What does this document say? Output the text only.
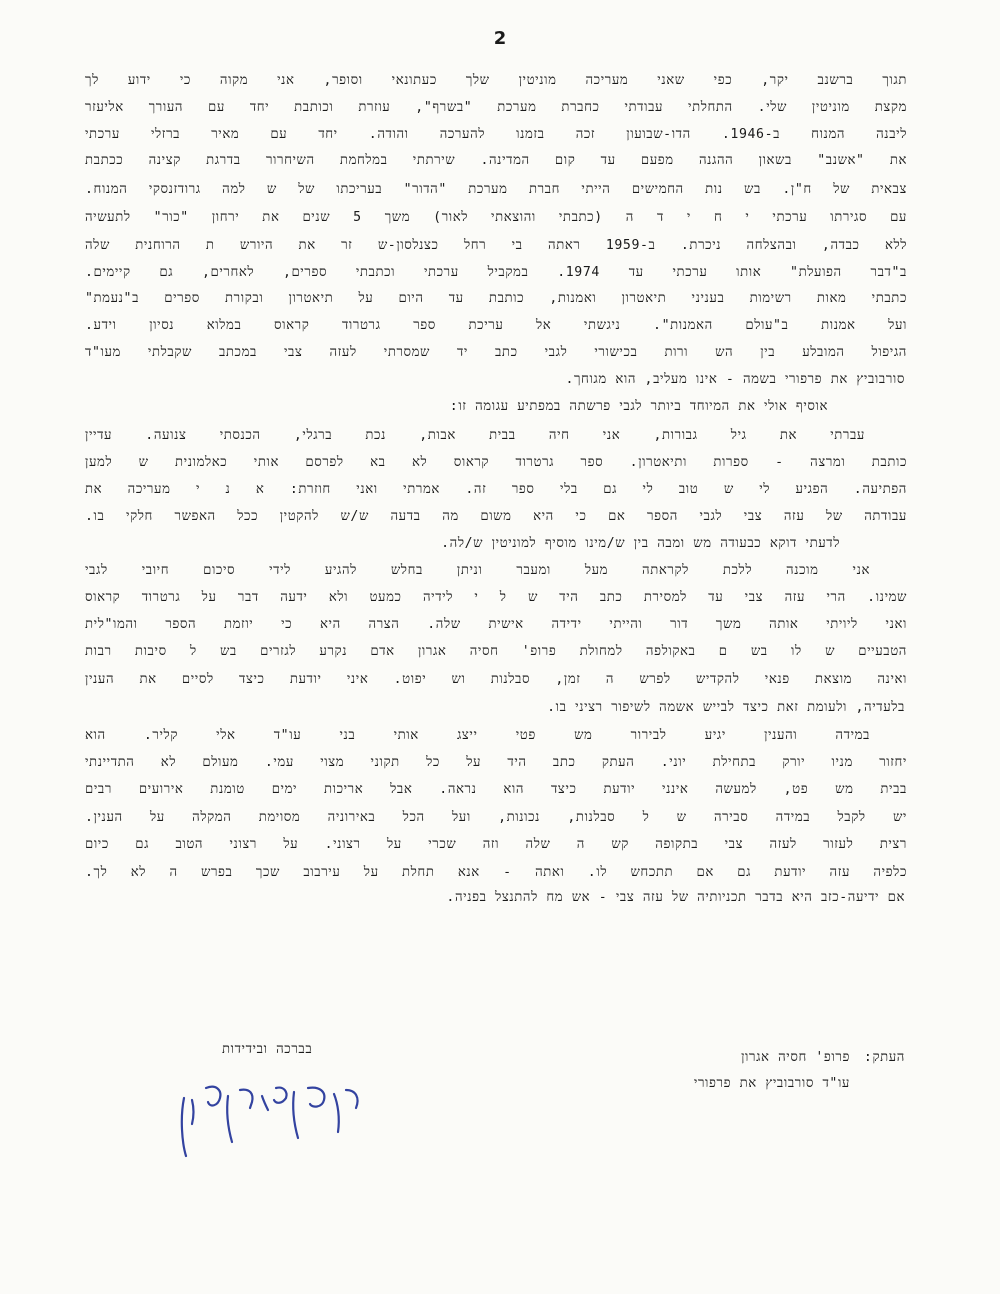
2
תגוך ברשנב יקר, כפי שאני מעריכה מוניטין שלך כעתונאי וסופר, אני מקוה כי ידוע לך
מקצת מוניטין שלי. התחלתי עבודתי כחברת מערכת "בשרף", עוזרת וכותבת יחד עם העורך אליעזר
ליבנה המנוח ב-1946. הדו-שבועון זכה בזמנו להערכה והודה. יחד עם מאיר ברזלי ערכתי
את "אשנב" בשאון ההגנה מפעם עד קום המדינה. שירתתי במלחמת השיחרור בדרגת קצינה ככתבת
צבאית של ח"ן. בש נות החמישים הייתי חברת מערכת "הדור" בעריכתו של ש למה גרודזנסקי המנוח.
עם סגירתו ערכתי י ח י ד ה (כתבתי והוצאתי לאור) משך 5 שנים את ירחון "כור" לתעשיה
ללא כבדה, ובהצלחה ניכרת. ב-1959 ראתה בי רחל כצנלסון-ש זר את היורש ת הרוחנית שלה
ב"דבר הפועלת" אותו ערכתי עד 1974. במקביל ערכתי וכתבתי ספרים, לאחרים, גם קיימים.
כתבתי מאות רשימות בעניני תיאטרון ואמנות, כותבת עד היום על תיאטרון ובקורת ספרים ב"נעמת"
ועל אמנות ב"עולם האמנות". ניגשתי אל עריכת ספר גרטרוד קראוס במלוא נסיון וידע.
הגיפול המובלע בין הש ורות בכישורי לגבי כתב יד שמסרתי לעזה צבי במכתב שקבלתי מעו"ד
סורבוביץ את פרפורי בשמה - אינו מעליב, הוא מגוחך.
אוסיף אולי את המיוחד ביותר לגבי פרשתה במפתיע עגומה זו:
עברתי את גיל גבורות, אני חיה בבית אבות, נכת ברגלי, הכנסתי צנועה. עדיין
כותבת ומרצה - ספרות ותיאטרון. ספר גרטרוד קראוס לא בא לפרסם אותי כאלמונית ש למען
הפתיעה. הפגיע לי ש טוב לי גם בלי ספר זה. אמרתי ואני חוזרת: א נ י מעריכה את
עבודתה של עזה צבי לגבי הספר אם כי היא משום מה בדעה ש/ש להקטין ככל האפשר חלקי בו.
לדעתי דוקא כבעודה מש ומבה בין ש/מינו מוסיף למוניטין ש/לה.
אני מוכנה ללכת לקראתה מעל ומעבר וניתן בחלש להגיע לידי סיכום חיובי לגבי
שמינו. הרי עזה צבי עד למסירת כתב היד ש ל י לידיה כמעט ולא ידעה דבר על גרטרוד קראוס
ואני ליויתי אותה משך דור והייתי ידידה אישית שלה. הצרה היא כי יוזמת הספר והמו"לית
הטבעיים ש לו בש ם באקולפה למחולת פרופ' חסיה אגרון אדם נקרע לגזרים בש ל סיבות רבות
ואינה מוצאת פנאי להקדיש לפרש ה זמן, סבלנות וש יפוט. איני יודעת כיצד לסיים את הענין
בלעדיה, ולעומת זאת כיצד לבייש אשמה לשיפור רציני בו.
במידה והענין יגיע לבירור מש פטי ייצג אותי בני עו"ד אלי קליר. הוא
יחזור מניו יורק בתחילת יוני. העתק כתב היד על כל תקוני מצוי עמי. מעולם לא התדיינתי
בבית מש פט, למעשה אינני יודעת כיצד הוא נראה. אבל אריכות ימים טומנת אירועים רבים
יש לקבל במידה סבירה ש ל סבלנות, נכונות, ועל הכל באירוניה מסוימת המקלה על הענין.
רצית לעזור לעזה צבי בתקופה קש ה שלה וזה שכרי על רצוני. על רצוני הטוב גם כיום
כלפיה עזה יודעת גם אם תתכחש לו. ואתה - אנא תחלת על עירבוב שכך בפרש ה לא לך.
אם ידיעה-כזב היא בדבר תכניותיה של עזה צבי - אש מח להתנצל בפניה.
בברכה ובידידות
העתק:
פרופ' חסיה אגרון
עו"ד סורבוביץ את פרפורי
